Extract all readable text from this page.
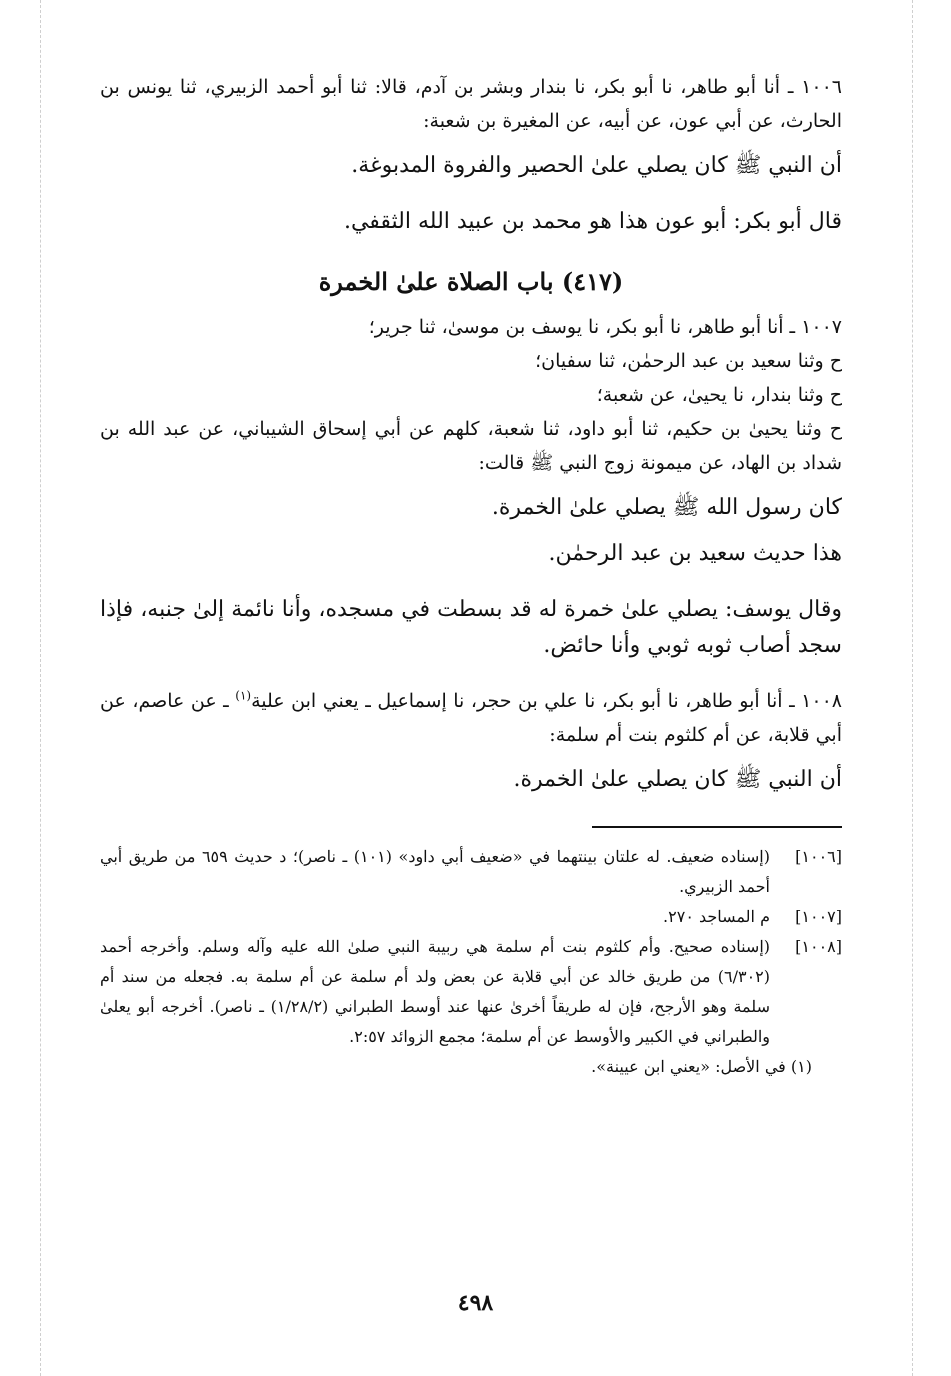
١٠٠٦ ـ أنا أبو طاهر، نا أبو بكر، نا بندار وبشر بن آدم، قالا: ثنا أبو أحمد الزبيري، ثنا يونس بن الحارث، عن أبي عون، عن أبيه، عن المغيرة بن شعبة:

أن النبي ﷺ كان يصلي علىٰ الحصير والفروة المدبوغة.

قال أبو بكر: أبو عون هذا هو محمد بن عبيد الله الثقفي.

(٤١٧) باب الصلاة علىٰ الخمرة

١٠٠٧ ـ أنا أبو طاهر، نا أبو بكر، نا يوسف بن موسىٰ، ثنا جرير؛

ح وثنا سعيد بن عبد الرحمٰن، ثنا سفيان؛

ح وثنا بندار، نا يحيىٰ، عن شعبة؛

ح وثنا يحيىٰ بن حكيم، ثنا أبو داود، ثنا شعبة، كلهم عن أبي إسحاق الشيباني، عن عبد الله بن شداد بن الهاد، عن ميمونة زوج النبي ﷺ قالت:

كان رسول الله ﷺ يصلي علىٰ الخمرة.

هذا حديث سعيد بن عبد الرحمٰن.

وقال يوسف: يصلي علىٰ خمرة له قد بسطت في مسجده، وأنا نائمة إلىٰ جنبه، فإذا سجد أصاب ثوبه ثوبي وأنا حائض.

١٠٠٨ ـ أنا أبو طاهر، نا أبو بكر، نا علي بن حجر، نا إسماعيل ـ يعني ابن علية$^{(١)}$ ـ عن عاصم، عن أبي قلابة، عن أم كلثوم بنت أم سلمة:

أن النبي ﷺ كان يصلي علىٰ الخمرة.

[١٠٠٦](إسناده ضعيف. له علتان بينتهما في «ضعيف أبي داود» (١٠١) ـ ناصر)؛ د حديث ٦٥٩ من طريق أبي أحمد الزبيري.

[١٠٠٧]م المساجد ٢٧٠.

[١٠٠٨](إسناده صحيح. وأم كلثوم بنت أم سلمة هي ربيبة النبي صلىٰ الله عليه وآله وسلم. وأخرجه أحمد (٦/٣٠٢) من طريق خالد عن أبي قلابة عن بعض ولد أم سلمة عن أم سلمة به. فجعله من سند أم سلمة وهو الأرجح، فإن له طريقاً أخرىٰ عنها عند أوسط الطبراني (١/٢٨/٢) ـ ناصر). أخرجه أبو يعلىٰ والطبراني في الكبير والأوسط عن أم سلمة؛ مجمع الزوائد ٢:٥٧.

(١) في الأصل: «يعني ابن عيينة».

٤٩٨
